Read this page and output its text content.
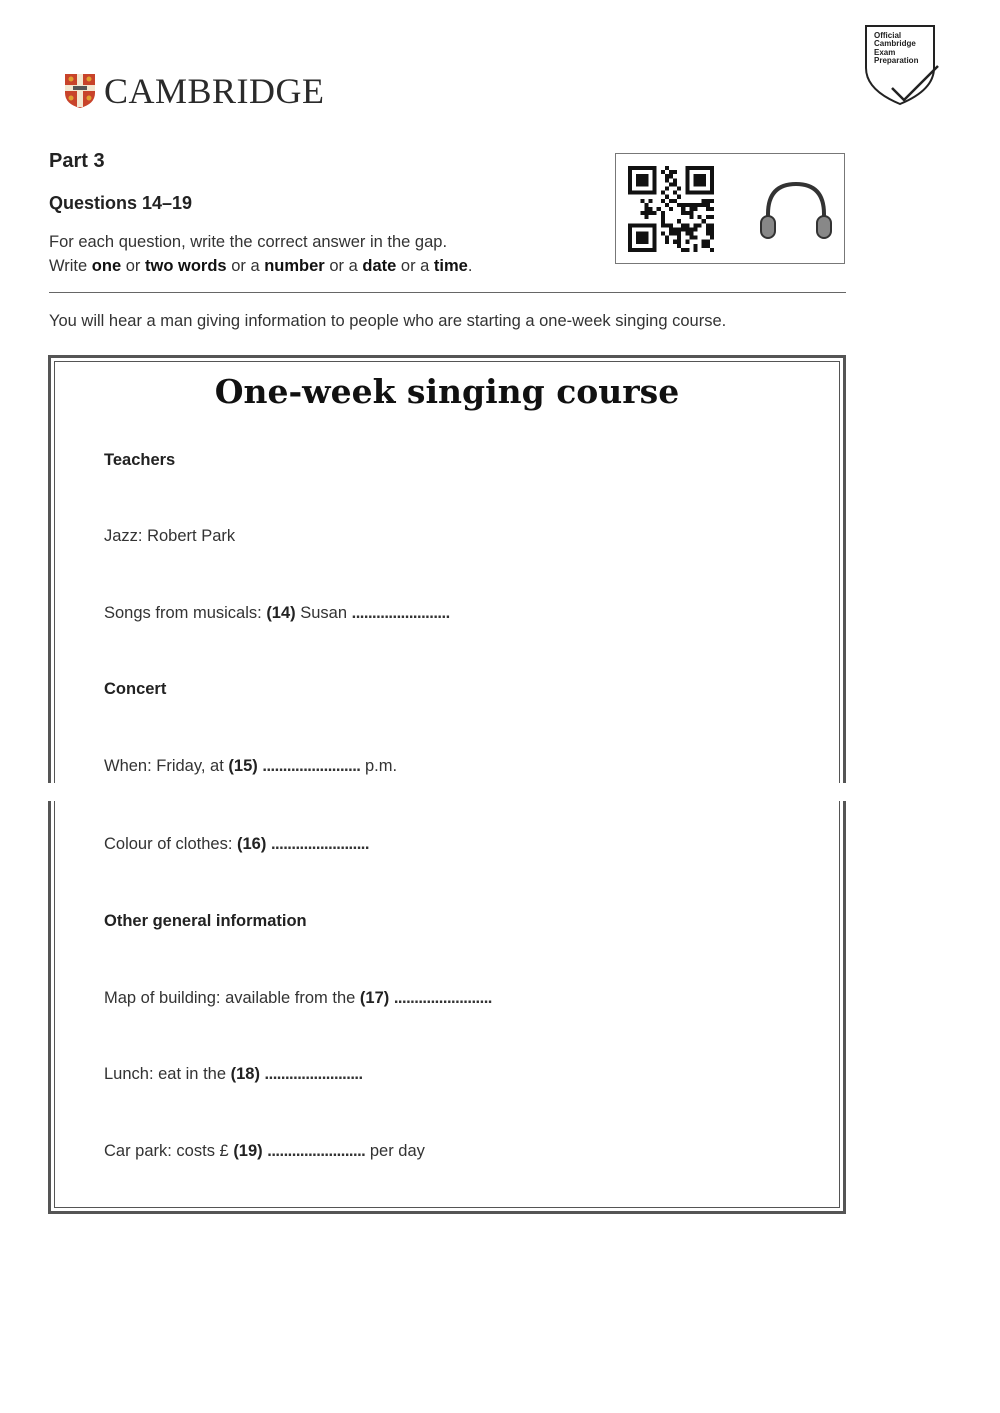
CAMBRIDGE
Official
Cambridge
Exam
Preparation
Part 3
Questions 14–19
For each question, write the correct answer in the gap.
Write one or two words or a number or a date or a time.
You will hear a man giving information to people who are starting a one-week singing course.
One-week singing course
Teachers
Jazz: Robert Park
Songs from musicals: (14) Susan ........................
Concert
When: Friday, at (15) ........................ p.m.
Colour of clothes: (16) ........................
Other general information
Map of building: available from the (17) ........................
Lunch: eat in the (18) ........................
Car park: costs £ (19) ........................ per day
